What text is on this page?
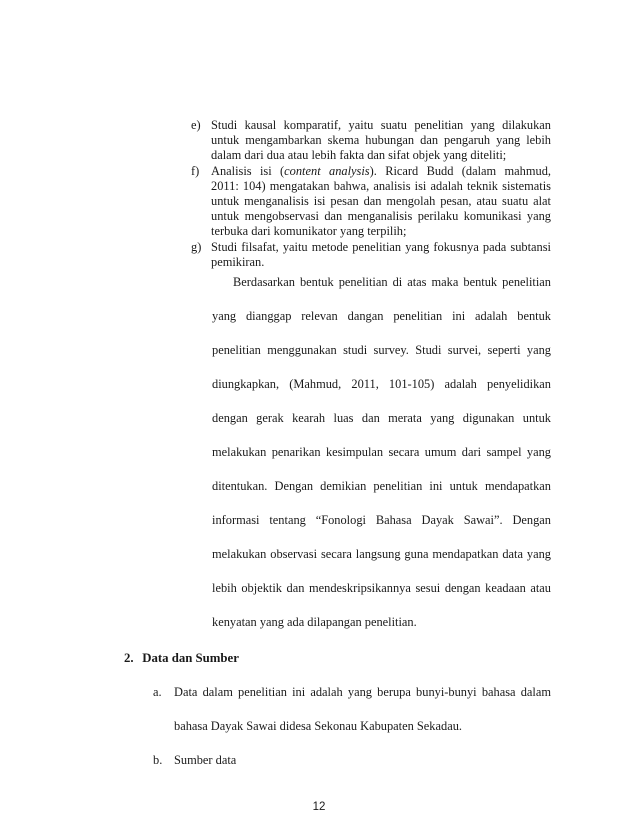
e) Studi kausal komparatif, yaitu suatu penelitian yang dilakukan
untuk mengambarkan skema hubungan dan pengaruh yang lebih
dalam dari dua atau lebih fakta dan sifat objek yang diteliti;
f) Analisis isi (content analysis). Ricard Budd (dalam mahmud,
2011: 104) mengatakan bahwa, analisis isi adalah teknik sistematis
untuk menganalisis isi pesan dan mengolah pesan, atau suatu alat
untuk mengobservasi dan menganalisis perilaku komunikasi yang
terbuka dari komunikator yang terpilih;
g) Studi filsafat, yaitu metode penelitian yang fokusnya pada subtansi
pemikiran.
Berdasarkan bentuk penelitian di atas maka bentuk penelitian
yang dianggap relevan dangan penelitian ini adalah bentuk
penelitian menggunakan studi survey. Studi survei, seperti yang
diungkapkan, (Mahmud, 2011, 101-105) adalah penyelidikan
dengan gerak kearah luas dan merata yang digunakan untuk
melakukan penarikan kesimpulan secara umum dari sampel yang
ditentukan. Dengan demikian penelitian ini untuk mendapatkan
informasi tentang “Fonologi Bahasa Dayak Sawai”. Dengan
melakukan observasi secara langsung guna mendapatkan data yang
lebih objektik dan mendeskripsikannya sesui dengan keadaan atau
kenyatan yang ada dilapangan penelitian.
2. Data dan Sumber
a. Data dalam penelitian ini adalah yang berupa bunyi-bunyi bahasa dalam
bahasa Dayak Sawai didesa Sekonau Kabupaten Sekadau.
b. Sumber data
12
